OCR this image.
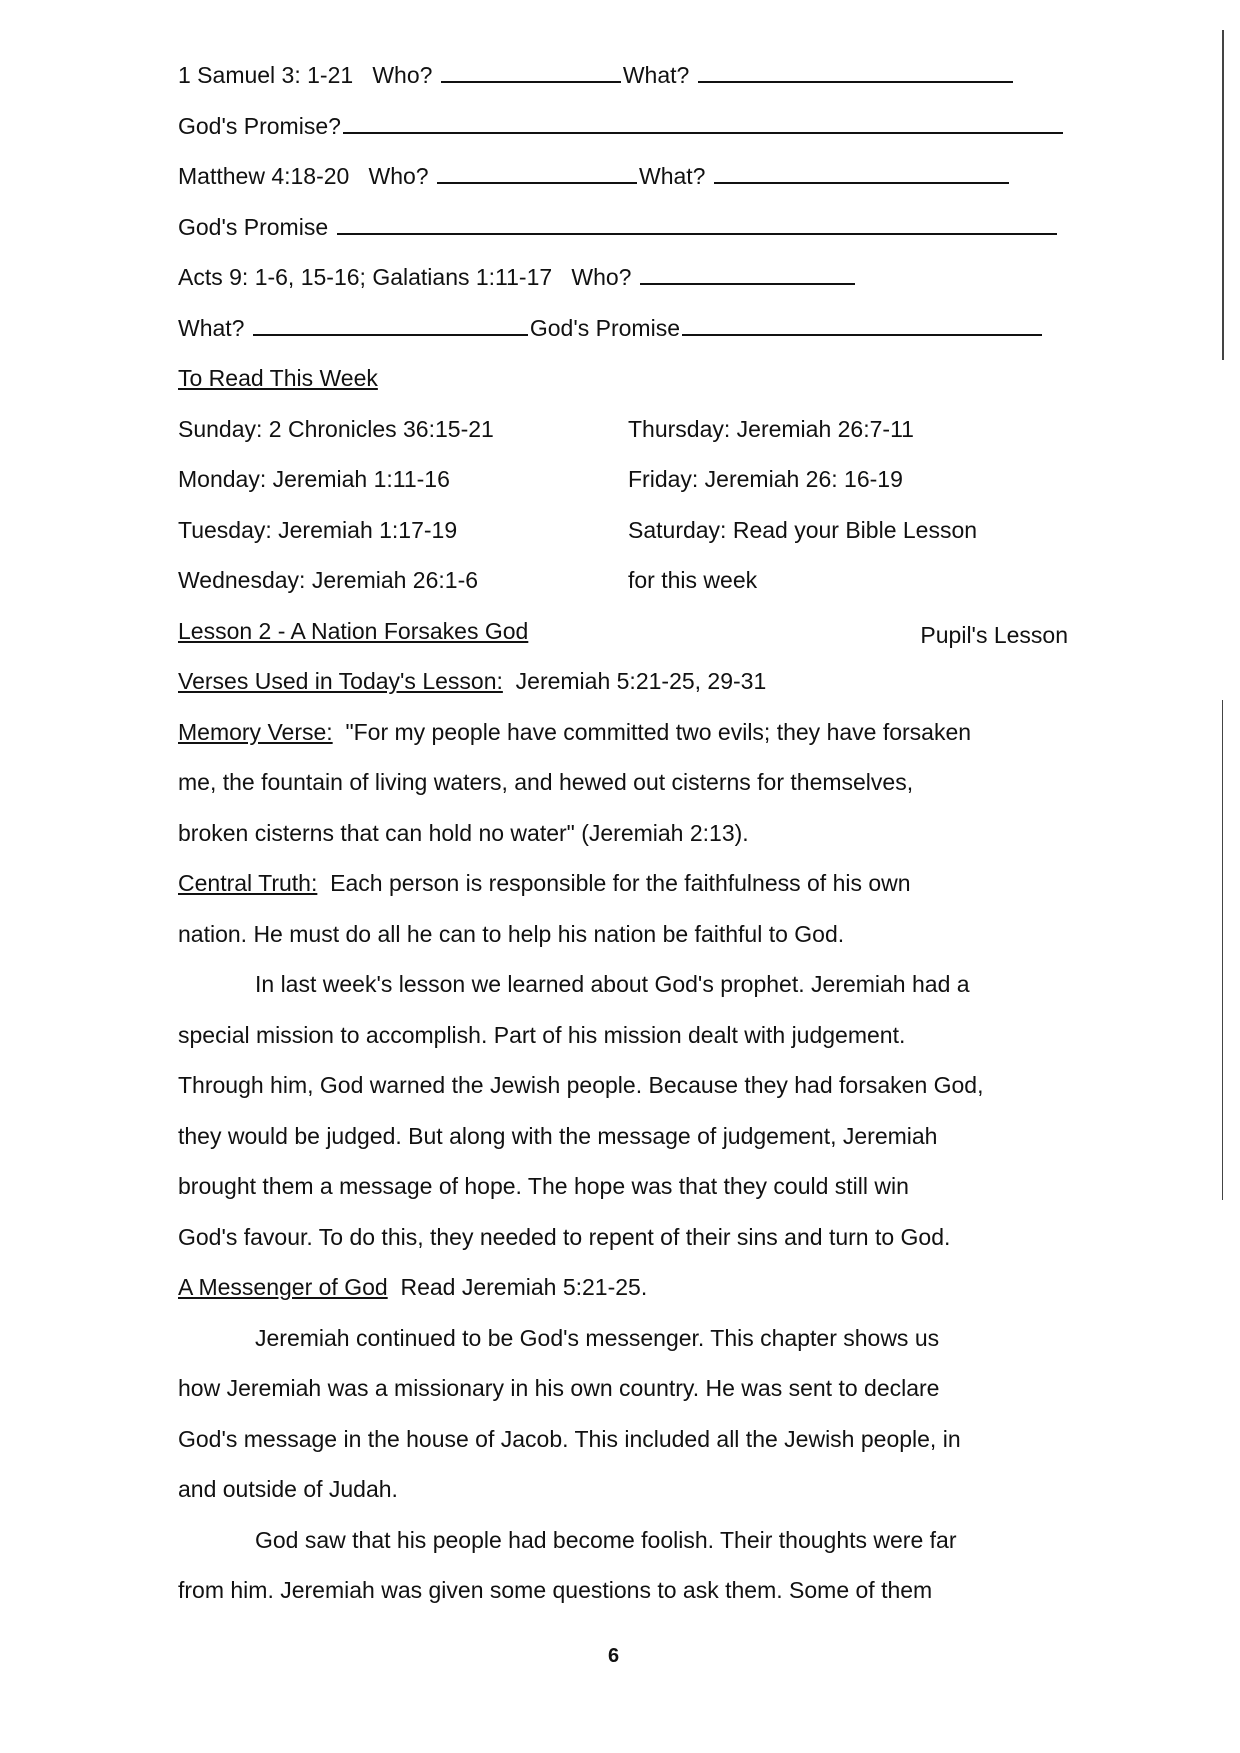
1 Samuel 3: 1-21 Who?	What?
God's Promise?
Matthew 4:18-20 Who?	What?
God's Promise
Acts 9: 1-6, 15-16; Galatians 1:11-17 Who?
What?	God's Promise
To Read This Week
Sunday: 2 Chronicles 36:15-21	Thursday: Jeremiah 26:7-11
Monday: Jeremiah 1:11-16	Friday: Jeremiah 26: 16-19
Tuesday: Jeremiah 1:17-19	Saturday: Read your Bible Lesson
Wednesday: Jeremiah 26:1-6	for this week
Lesson 2 - A Nation Forsakes God	Pupil's Lesson
Verses Used in Today's Lesson: Jeremiah 5:21-25, 29-31
Memory Verse: "For my people have committed two evils; they have forsaken
me, the fountain of living waters, and hewed out cisterns for themselves,
broken cisterns that can hold no water" (Jeremiah 2:13).
Central Truth: Each person is responsible for the faithfulness of his own
nation. He must do all he can to help his nation be faithful to God.
In last week's lesson we learned about God's prophet. Jeremiah had a
special mission to accomplish. Part of his mission dealt with judgement.
Through him, God warned the Jewish people. Because they had forsaken God,
they would be judged. But along with the message of judgement, Jeremiah
brought them a message of hope. The hope was that they could still win
God's favour. To do this, they needed to repent of their sins and turn to God.
A Messenger of God Read Jeremiah 5:21-25.
Jeremiah continued to be God's messenger. This chapter shows us
how Jeremiah was a missionary in his own country. He was sent to declare
God's message in the house of Jacob. This included all the Jewish people, in
and outside of Judah.
God saw that his people had become foolish. Their thoughts were far
from him. Jeremiah was given some questions to ask them. Some of them
6
